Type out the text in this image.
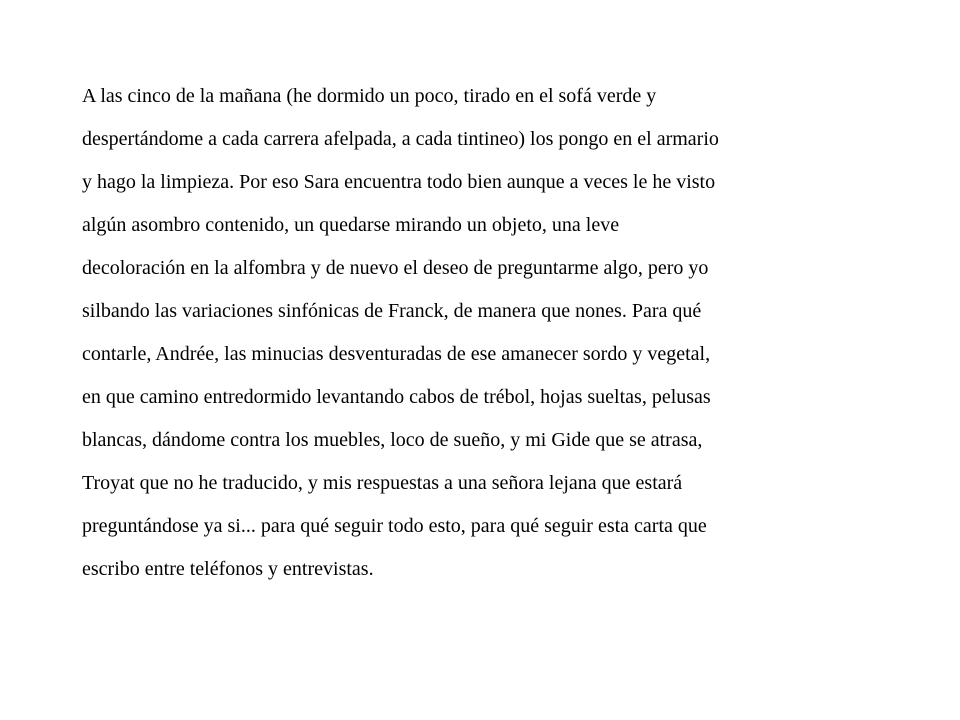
A las cinco de la mañana (he dormido un poco, tirado en el sofá verde y
despertándome a cada carrera afelpada, a cada tintineo) los pongo en el armario
y hago la limpieza. Por eso Sara encuentra todo bien aunque a veces le he visto
algún asombro contenido, un quedarse mirando un objeto, una leve
decoloración en la alfombra y de nuevo el deseo de preguntarme algo, pero yo
silbando las variaciones sinfónicas de Franck, de manera que nones. Para qué
contarle, Andrée, las minucias desventuradas de ese amanecer sordo y vegetal,
en que camino entredormido levantando cabos de trébol, hojas sueltas, pelusas
blancas, dándome contra los muebles, loco de sueño, y mi Gide que se atrasa,
Troyat que no he traducido, y mis respuestas a una señora lejana que estará
preguntándose ya si... para qué seguir todo esto, para qué seguir esta carta que
escribo entre teléfonos y entrevistas.
